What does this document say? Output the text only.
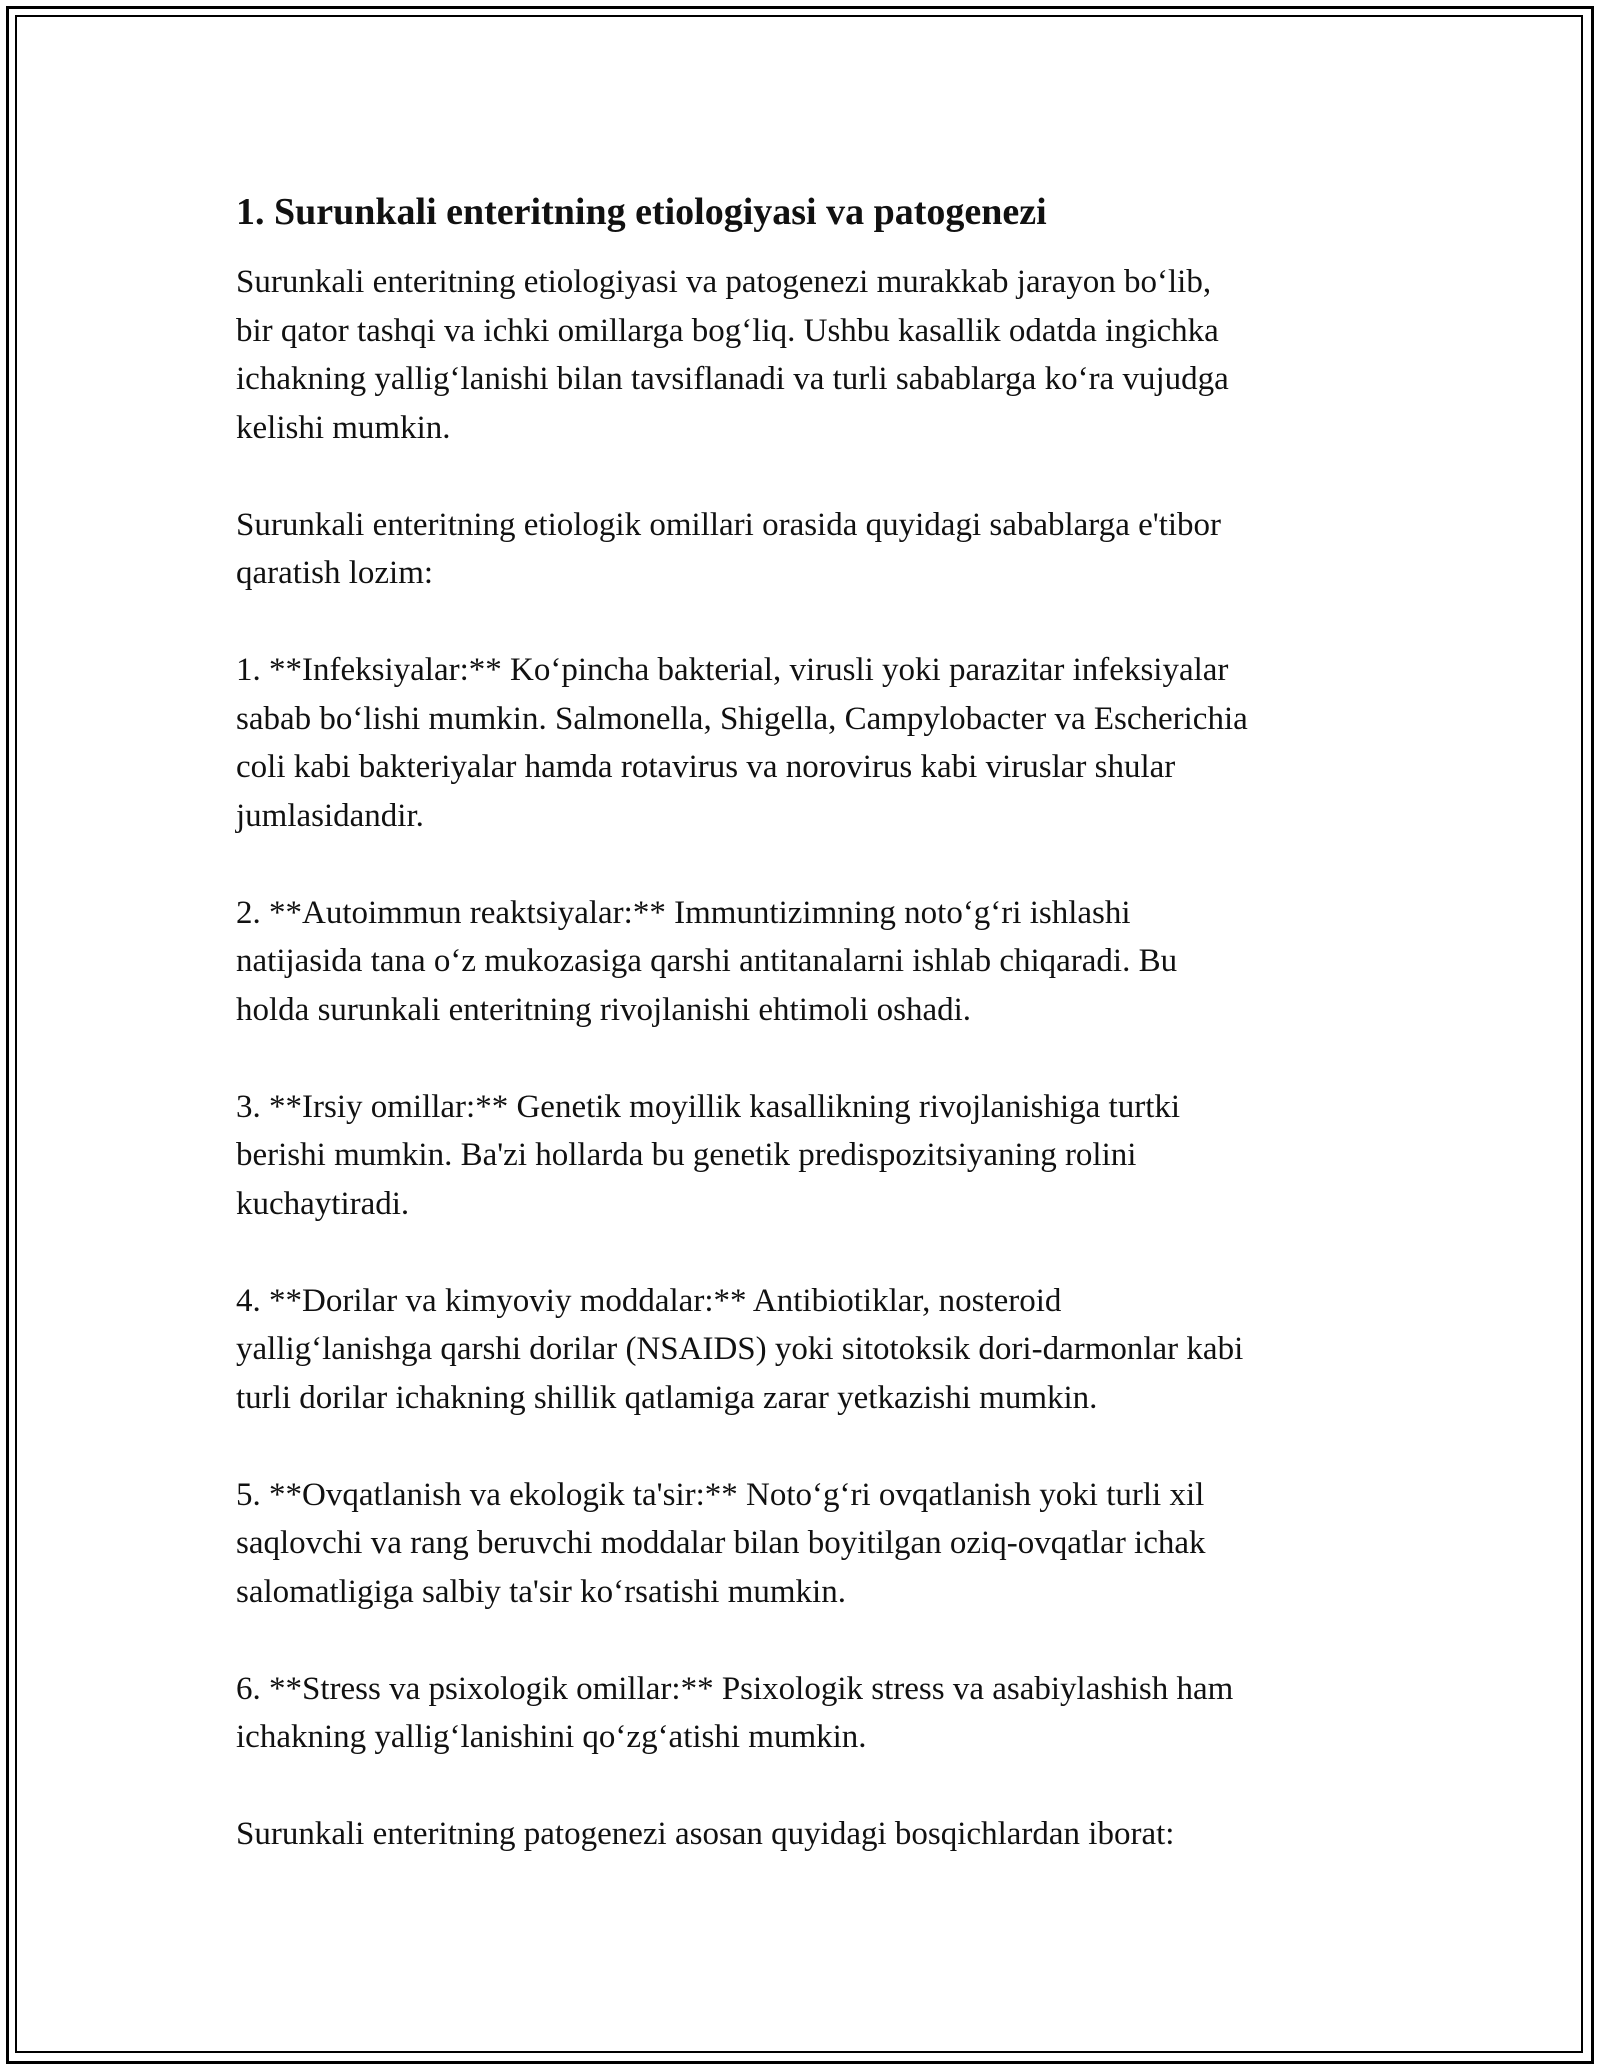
1. Surunkali enteritning etiologiyasi va patogenezi

Surunkali enteritning etiologiyasi va patogenezi murakkab jarayon bo‘lib,
bir qator tashqi va ichki omillarga bog‘liq. Ushbu kasallik odatda ingichka
ichakning yallig‘lanishi bilan tavsiflanadi va turli sabablarga ko‘ra vujudga
kelishi mumkin.

Surunkali enteritning etiologik omillari orasida quyidagi sabablarga e'tibor
qaratish lozim:

1. **Infeksiyalar:** Ko‘pincha bakterial, virusli yoki parazitar infeksiyalar
sabab bo‘lishi mumkin. Salmonella, Shigella, Campylobacter va Escherichia
coli kabi bakteriyalar hamda rotavirus va norovirus kabi viruslar shular
jumlasidandir.

2. **Autoimmun reaktsiyalar:** Immuntizimning noto‘g‘ri ishlashi
natijasida tana o‘z mukozasiga qarshi antitanalarni ishlab chiqaradi. Bu
holda surunkali enteritning rivojlanishi ehtimoli oshadi.

3. **Irsiy omillar:** Genetik moyillik kasallikning rivojlanishiga turtki
berishi mumkin. Ba'zi hollarda bu genetik predispozitsiyaning rolini
kuchaytiradi.

4. **Dorilar va kimyoviy moddalar:** Antibiotiklar, nosteroid
yallig‘lanishga qarshi dorilar (NSAIDS) yoki sitotoksik dori-darmonlar kabi
turli dorilar ichakning shillik qatlamiga zarar yetkazishi mumkin.

5. **Ovqatlanish va ekologik ta'sir:** Noto‘g‘ri ovqatlanish yoki turli xil
saqlovchi va rang beruvchi moddalar bilan boyitilgan oziq-ovqatlar ichak
salomatligiga salbiy ta'sir ko‘rsatishi mumkin.

6. **Stress va psixologik omillar:** Psixologik stress va asabiylashish ham
ichakning yallig‘lanishini qo‘zg‘atishi mumkin.

Surunkali enteritning patogenezi asosan quyidagi bosqichlardan iborat:
